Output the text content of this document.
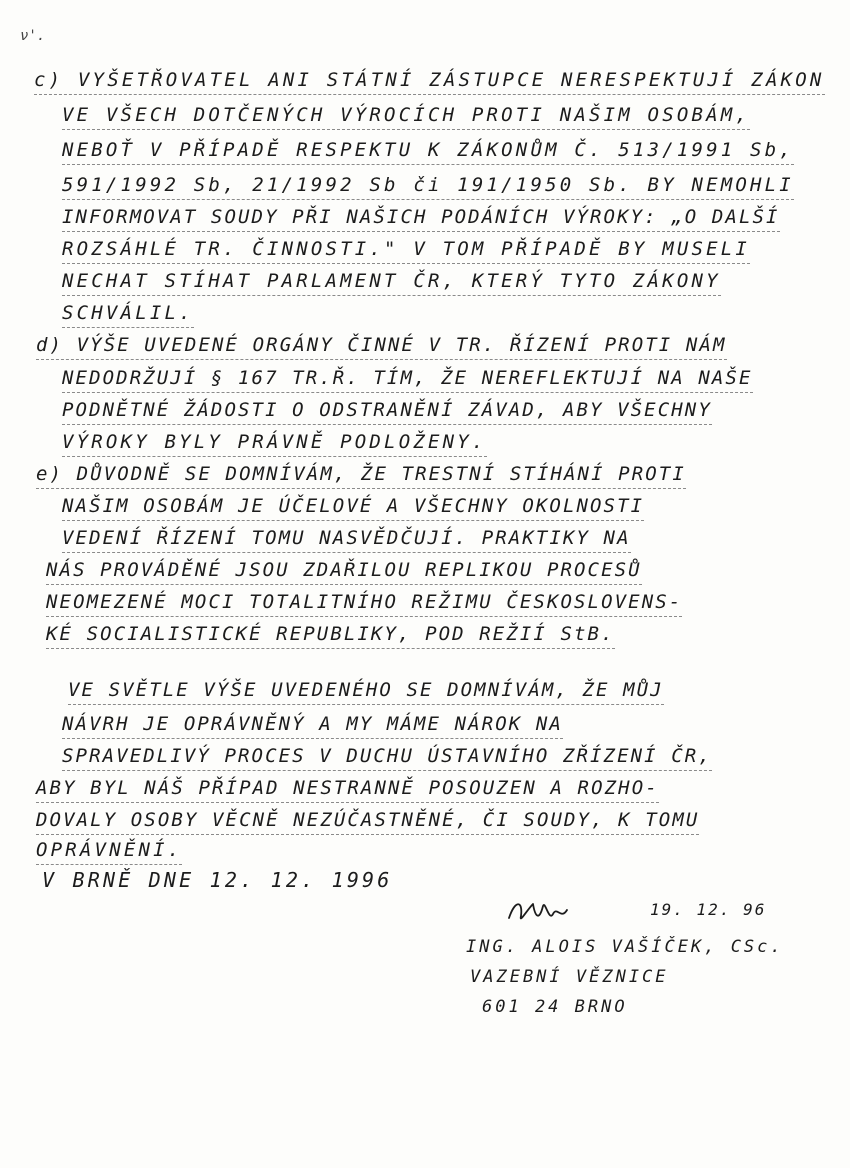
ν'.
c) VYŠETŘOVATEL ANI STÁTNÍ ZÁSTUPCE NERESPEKTUJÍ ZÁKON
VE VŠECH DOTČENÝCH VÝROCÍCH PROTI NAŠIM OSOBÁM,
NEBOŤ V PŘÍPADĚ RESPEKTU K ZÁKONŮM Č. 513/1991 Sb,
591/1992 Sb, 21/1992 Sb či 191/1950 Sb. BY NEMOHLI
INFORMOVAT SOUDY PŘI NAŠICH PODÁNÍCH VÝROKY: „O DALŠÍ
ROZSÁHLÉ TR. ČINNOSTI." V TOM PŘÍPADĚ BY MUSELI
NECHAT STÍHAT PARLAMENT ČR, KTERÝ TYTO ZÁKONY
SCHVÁLIL.
d) VÝŠE UVEDENÉ ORGÁNY ČINNÉ V TR. ŘÍZENÍ PROTI NÁM
NEDODRŽUJÍ § 167 TR.Ř. TÍM, ŽE NEREFLEKTUJÍ NA NAŠE
PODNĚTNÉ ŽÁDOSTI O ODSTRANĚNÍ ZÁVAD, ABY VŠECHNY
VÝROKY BYLY PRÁVNĚ PODLOŽENY.
e) DŮVODNĚ SE DOMNÍVÁM, ŽE TRESTNÍ STÍHÁNÍ PROTI
NAŠIM OSOBÁM JE ÚČELOVÉ A VŠECHNY OKOLNOSTI
VEDENÍ ŘÍZENÍ TOMU NASVĚDČUJÍ. PRAKTIKY NA
NÁS PROVÁDĚNÉ JSOU ZDAŘILOU REPLIKOU PROCESŮ
NEOMEZENÉ MOCI TOTALITNÍHO REŽIMU ČESKOSLOVENS-
KÉ SOCIALISTICKÉ REPUBLIKY, POD REŽIÍ StB.
VE SVĚTLE VÝŠE UVEDENÉHO SE DOMNÍVÁM, ŽE MŮJ
NÁVRH JE OPRÁVNĚNÝ A MY MÁME NÁROK NA
SPRAVEDLIVÝ PROCES V DUCHU ÚSTAVNÍHO ZŘÍZENÍ ČR,
ABY BYL NÁŠ PŘÍPAD NESTRANNĚ POSOUZEN A ROZHO-
DOVALY OSOBY VĚCNĚ NEZÚČASTNĚNÉ, ČI SOUDY, K TOMU
OPRÁVNĚNÍ.
V BRNĚ DNE 12. 12. 1996
19. 12. 96
ING. ALOIS VAŠÍČEK, CSc.
VAZEBNÍ VĚZNICE
601 24 BRNO
